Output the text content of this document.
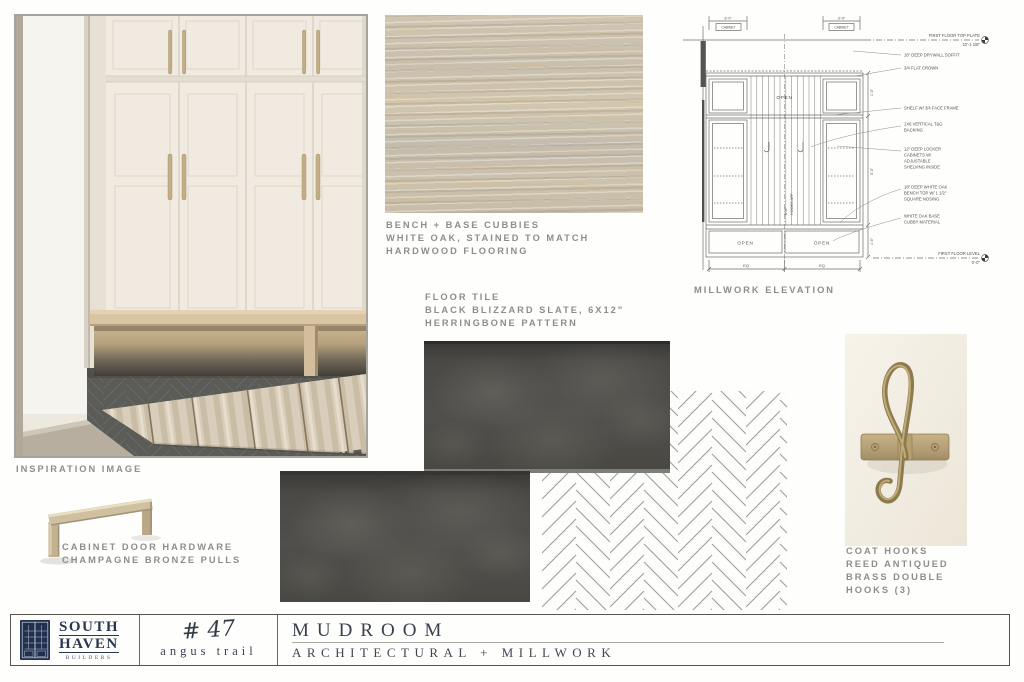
INSPIRATION IMAGE
BENCH + BASE CUBBIES
WHITE OAK, STAINED TO MATCH
HARDWOOD FLOORING
FIRST FLOOR TOP PLATE
10'-1 1/8"
FIRST FLOOR LEVEL
0'-0"
18" DEEP DRYWALL SOFFIT
3/4 FLAT CROWN
SHELF W/ 3/4 FACE FRAME
1X6 VERTICAL T&G
BACKING
12" DEEP LOCKER
CABINETS W/
ADJUSTABLE
SHELVING INSIDE
18" DEEP WHITE OAK
BENCH TOP W/ 1 1/2"
SQUARE NOSING
WHITE OAK BASE
CUBBY MATERIAL
OPEN	OPEN
OPEN
EQ	EQ
3'-0"	3'-0"
CABINET	CABINET
1'-0"
5'-0"
1'-6"
5'-0" HOOKS AFF
MILLWORK ELEVATION
FLOOR TILE
BLACK BLIZZARD SLATE, 6X12"
HERRINGBONE PATTERN
COAT HOOKS
REED ANTIQUED
BRASS DOUBLE
HOOKS (3)
CABINET DOOR HARDWARE
CHAMPAGNE BRONZE PULLS
SOUTH
HAVEN
BUILDERS
# 47
angus trail
MUDROOM
ARCHITECTURAL + MILLWORK
